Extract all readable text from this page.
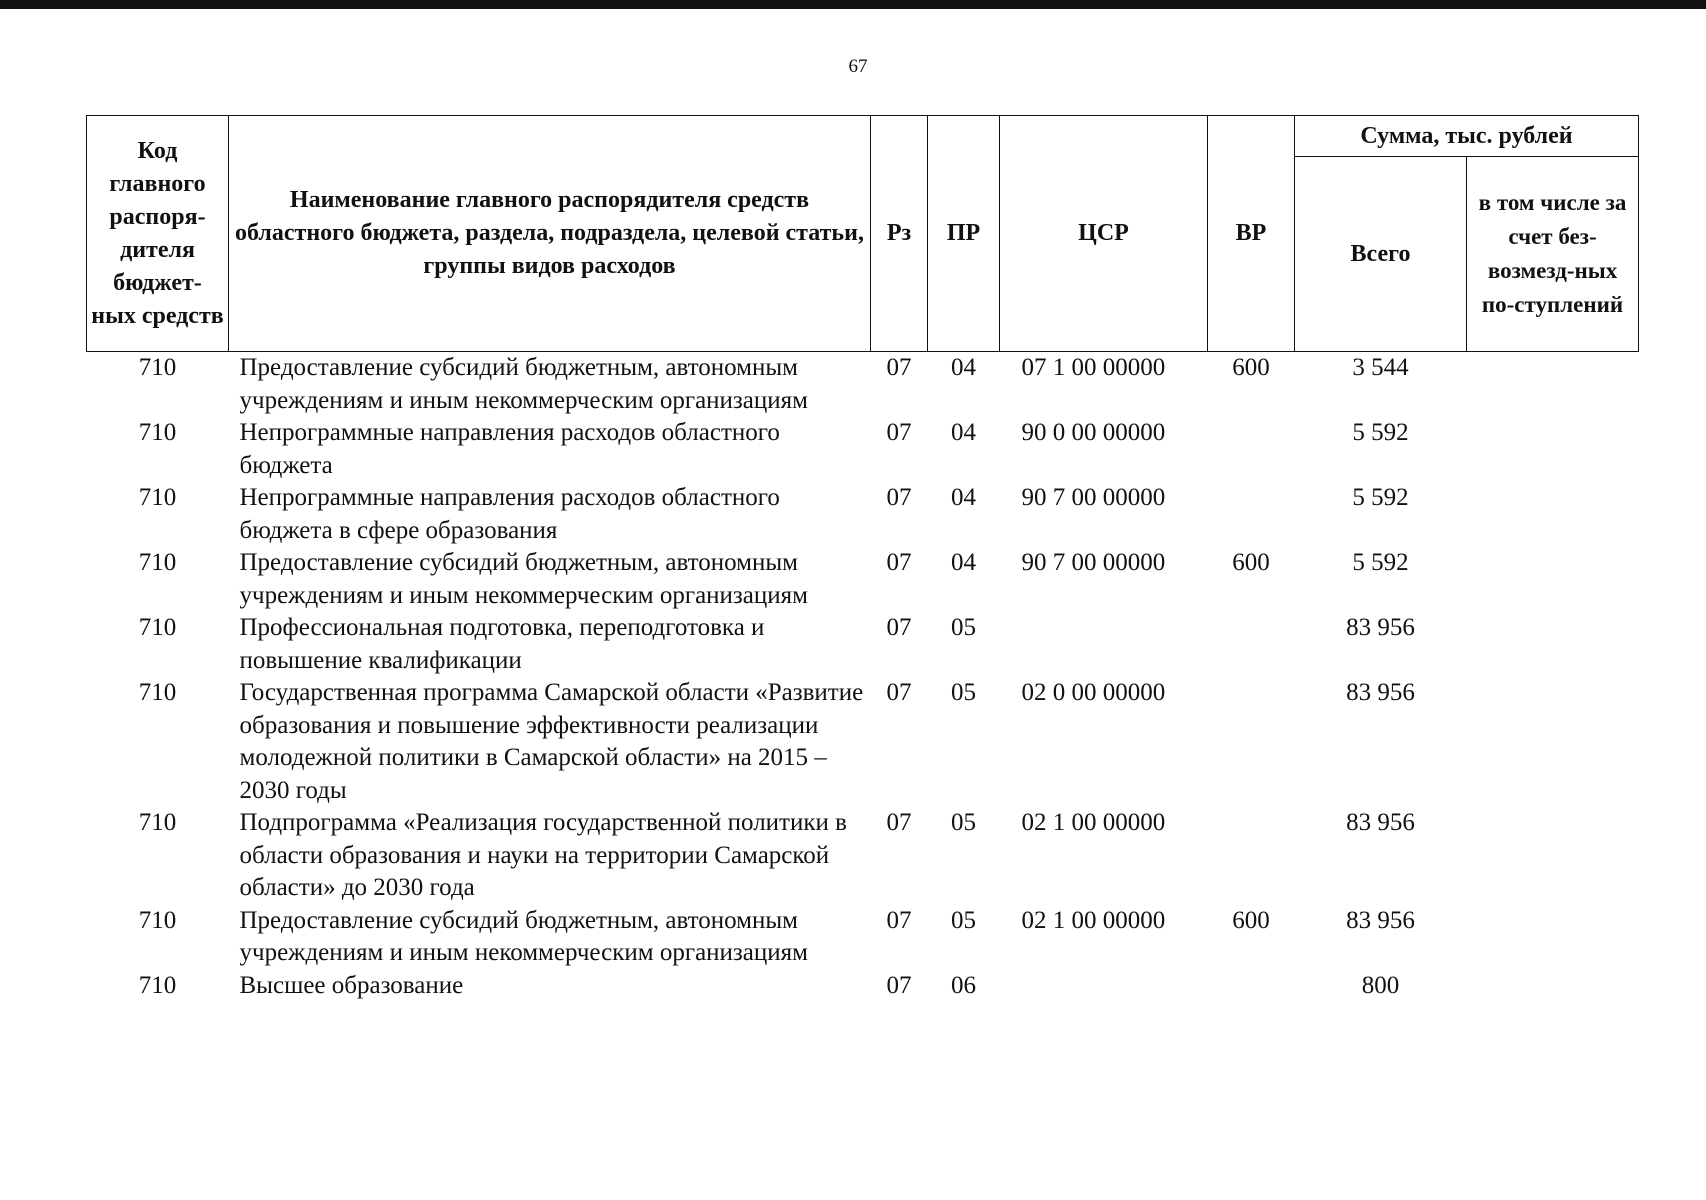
67
Код главного распоря-дителя бюджет-ных средств	Наименование главного распорядителя средств областного бюджета, раздела, подраздела, целевой статьи, группы видов расходов	Рз	ПР	ЦСР	ВР	Сумма, тыс. рублей	
						Всего	в том числе за счет без-возмезд-ных по-ступлений
710	Предоставление субсидий бюджетным, автономным учреждениям и иным некоммерческим организациям	07	04	07 1 00 00000	600	3 544	
710	Непрограммные направления расходов областного бюджета	07	04	90 0 00 00000		5 592	
710	Непрограммные направления расходов областного бюджета в сфере образования	07	04	90 7 00 00000		5 592	
710	Предоставление субсидий бюджетным, автономным учреждениям и иным некоммерческим организациям	07	04	90 7 00 00000	600	5 592	
710	Профессиональная подготовка, переподготовка и повышение квалификации	07	05			83 956	
710	Государственная программа Самарской области «Развитие образования и повышение эффективности реализации молодежной политики в Самарской области» на 2015 – 2030 годы	07	05	02 0 00 00000		83 956	
710	Подпрограмма «Реализация государственной политики в области образования и науки на территории Самарской области» до 2030 года	07	05	02 1 00 00000		83 956	
710	Предоставление субсидий бюджетным, автономным учреждениям и иным некоммерческим организациям	07	05	02 1 00 00000	600	83 956	
710	Высшее образование	07	06			800	
